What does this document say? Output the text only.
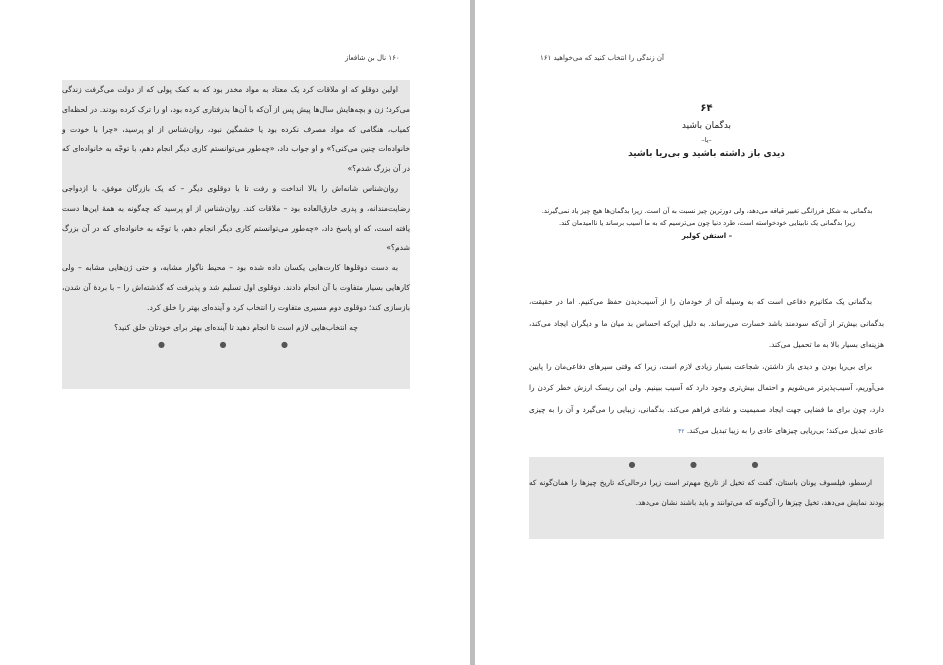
۱۶۰ نال بن شافعاز

اولین دوقلو که او ملاقات کرد یک معتاد به مواد مخدر بود که به کمک پولی که از دولت می‌گرفت زندگی می‌کرد؛ زن و بچه‌هایش سال‌ها پیش پس از آن‌که با آن‌ها بدرفتاری کرده بود، او را ترک کرده بودند. در لحظه‌ای کمیاب، هنگامی که مواد مصرف نکرده بود یا خشمگین نبود، روان‌شناس از او پرسید، «چرا با خودت و خانواده‌ات چنین می‌کنی؟» و او جواب داد، «چه‌طور می‌توانستم کاری دیگر انجام دهم، با توجّه به خانواده‌ای که در آن بزرگ شدم؟»

روان‌شناس شانه‌اش را بالا انداخت و رفت تا با دوقلوی دیگر – که یک بازرگان موفق، با ازدواجی رضایت‌مندانه، و پدری خارق‌العاده بود – ملاقات کند. روان‌شناس از او پرسید که چه‌گونه به همهٔ این‌ها دست یافته است، که او پاسخ داد، «چه‌طور می‌توانستم کاری دیگر انجام دهم، با توجّه به خانواده‌ای که در آن بزرگ شدم؟»

به دست دوقلوها کارت‌هایی یکسان داده شده بود – محیط ناگوار مشابه، و حتی ژن‌هایی مشابه – ولی کارهایی بسیار متفاوت با آن انجام دادند. دوقلوی اول تسلیم شد و پذیرفت که گذشته‌اش را – با بردهٔ آن شدن، بازسازی کند؛ دوقلوی دوم مسیری متفاوت را انتخاب کرد و آینده‌ای بهتر را خلق کرد.

چه انتخاب‌هایی لازم است تا انجام دهید تا آینده‌ای بهتر برای خودتان خلق کنید؟

● ● ●
آن زندگی را انتخاب کنید که می‌خواهید ۱۶۱
۶۴
بدگمان باشید
–یا–
دیدی باز داشته باشید و بی‌ریا باشید
بدگمانی به شکل فرزانگی تغییر قیافه می‌دهد، ولی دورترین چیز نسبت به آن است. زیرا بدگمان‌ها هیچ چیز یاد نمی‌گیرند. زیرا بدگمانی یک نابینایی خودخواسته است، طرد دنیا چون می‌ترسیم که به ما آسیب برساند یا ناامیدمان کند.
– استفن کولبر

بدگمانی یک مکانیزم دفاعی است که به وسیله آن از خودمان را از آسیب‌دیدن حفظ می‌کنیم. اما در حقیقت، بدگمانی بیش‌تر از آن‌که سودمند باشد خسارت می‌رساند. به دلیل این‌که احساس بد میان ما و دیگران ایجاد می‌کند، هزینه‌ای بسیار بالا به ما تحمیل می‌کند.

برای بی‌ریا بودن و دیدی باز داشتن، شجاعت بسیار زیادی لازم است، زیرا که وقتی سپرهای دفاعی‌مان را پایین می‌آوریم، آسیب‌پذیرتر می‌شویم و احتمال بیش‌تری وجود دارد که آسیب ببینیم. ولی این ریسک ارزش خطر کردن را دارد، چون برای ما فضایی جهت ایجاد صمیمیت و شادی فراهم می‌کند. بدگمانی، زیبایی را می‌گیرد و آن را به چیزی عادی تبدیل می‌کند؛ بی‌ریایی چیزهای عادی را به زیبا تبدیل می‌کند. ۴۲

● ● ●

ارسطو، فیلسوف یونان باستان، گفت که تخیل از تاریخ مهم‌تر است زیرا درحالی‌که تاریخ چیزها را همان‌گونه که بودند نمایش می‌دهد، تخیل چیزها را آن‌گونه که می‌توانند و باید باشند نشان می‌دهد.
